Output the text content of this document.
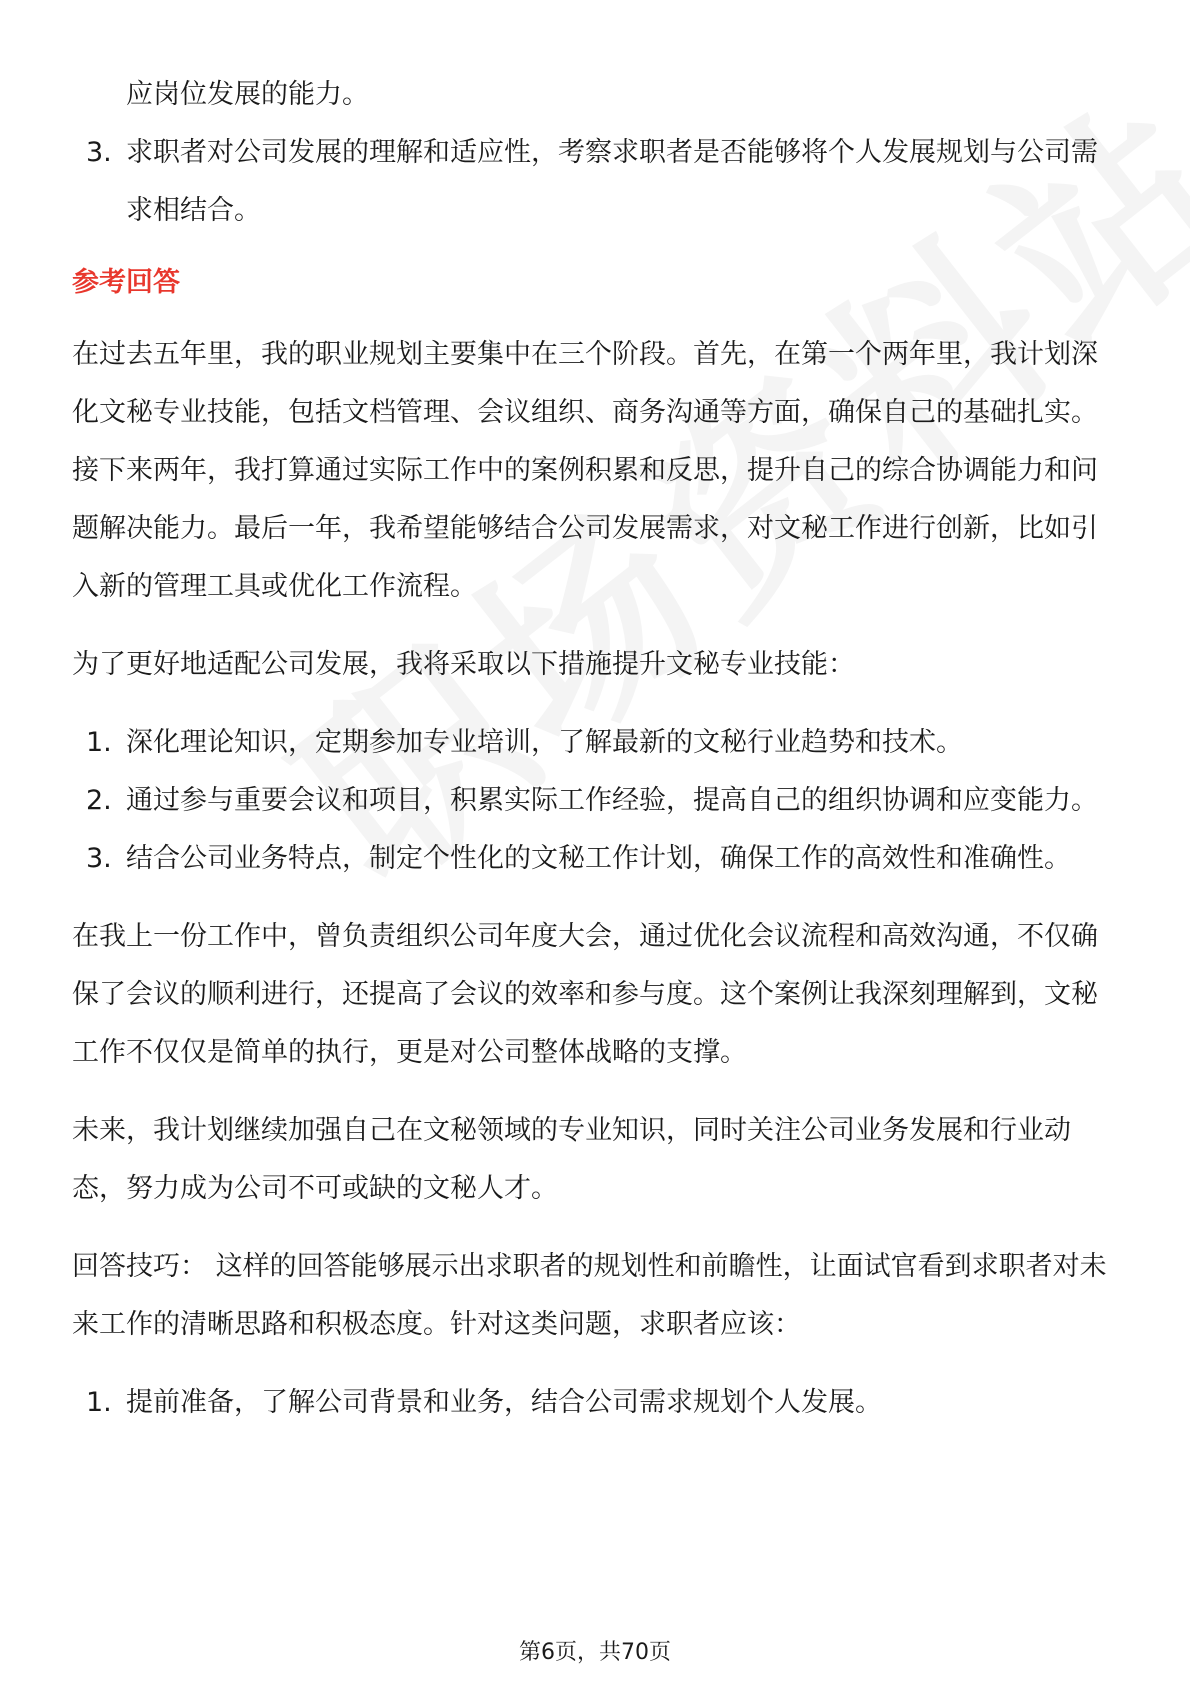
应岗位发展的能力。
3. 求职者对公司发展的理解和适应性，考察求职者是否能够将个人发展规划与公司需求相结合。

参考回答

在过去五年里，我的职业规划主要集中在三个阶段。首先，在第一个两年里，我计划深化文秘专业技能，包括文档管理、会议组织、商务沟通等方面，确保自己的基础扎实。接下来两年，我打算通过实际工作中的案例积累和反思，提升自己的综合协调能力和问题解决能力。最后一年，我希望能够结合公司发展需求，对文秘工作进行创新，比如引入新的管理工具或优化工作流程。

为了更好地适配公司发展，我将采取以下措施提升文秘专业技能：

1. 深化理论知识，定期参加专业培训，了解最新的文秘行业趋势和技术。
2. 通过参与重要会议和项目，积累实际工作经验，提高自己的组织协调和应变能力。
3. 结合公司业务特点，制定个性化的文秘工作计划，确保工作的高效性和准确性。

在我上一份工作中，曾负责组织公司年度大会，通过优化会议流程和高效沟通，不仅确保了会议的顺利进行，还提高了会议的效率和参与度。这个案例让我深刻理解到，文秘工作不仅仅是简单的执行，更是对公司整体战略的支撑。

未来，我计划继续加强自己在文秘领域的专业知识，同时关注公司业务发展和行业动态，努力成为公司不可或缺的文秘人才。

回答技巧： 这样的回答能够展示出求职者的规划性和前瞻性，让面试官看到求职者对未来工作的清晰思路和积极态度。针对这类问题，求职者应该：

1. 提前准备，了解公司背景和业务，结合公司需求规划个人发展。
第6页，共70页
